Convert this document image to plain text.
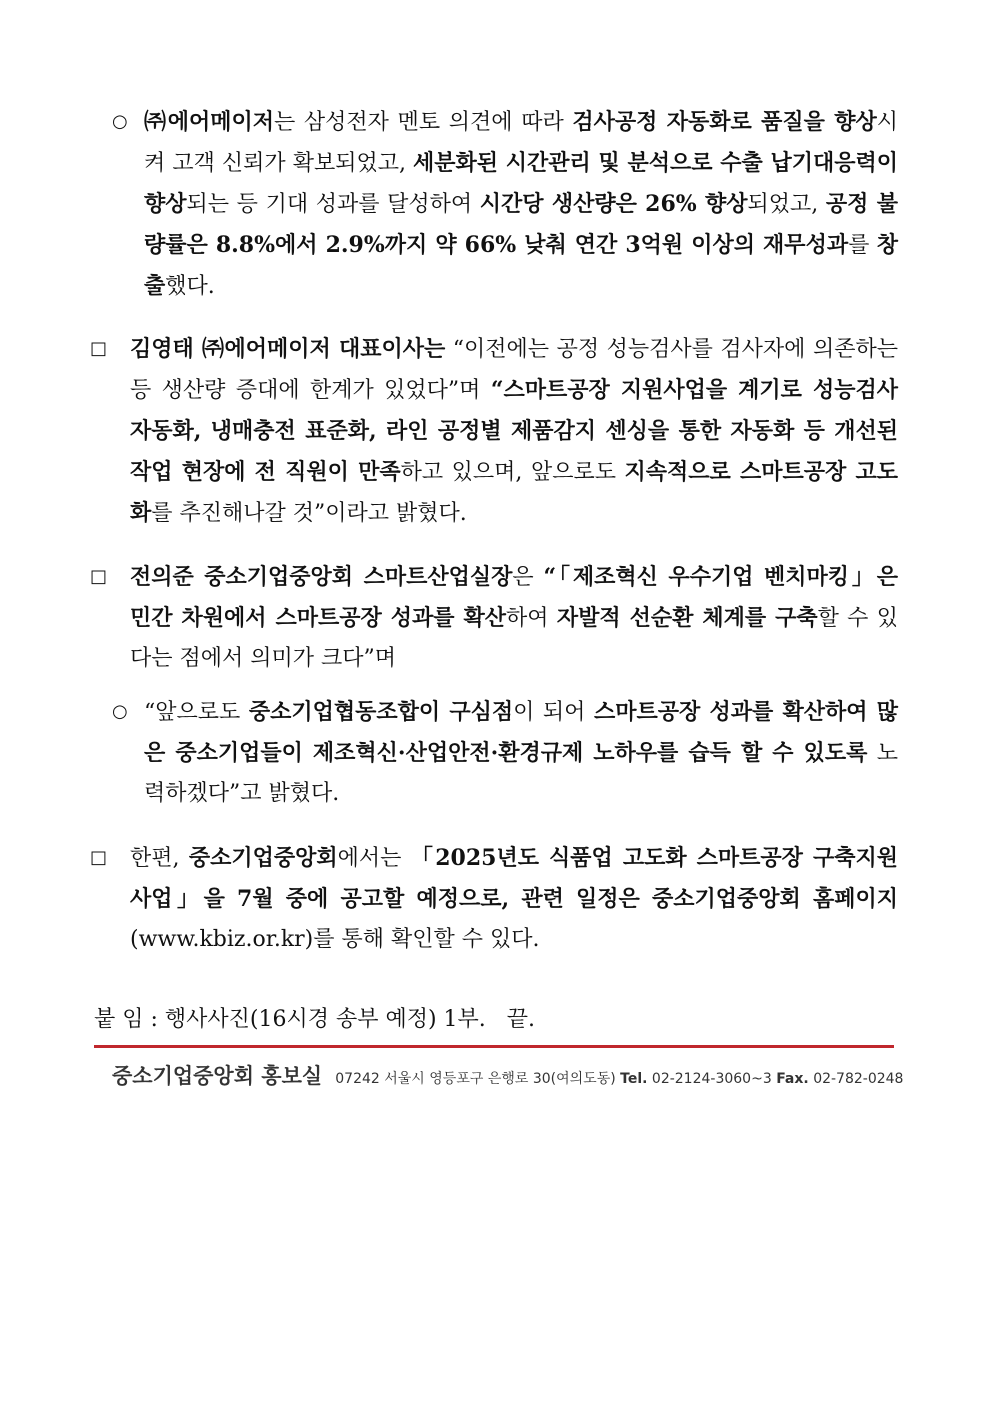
○ ㈜에어메이저는 삼성전자 멘토 의견에 따라 검사공정 자동화로 품질을 향상시켜 고객 신뢰가 확보되었고, 세분화된 시간관리 및 분석으로 수출 납기대응력이 향상되는 등 기대 성과를 달성하여 시간당 생산량은 26% 향상되었고, 공정 불량률은 8.8%에서 2.9%까지 약 66% 낮춰 연간 3억원 이상의 재무성과를 창출했다.
□	김영태 ㈜에어메이저 대표이사는 “이전에는 공정 성능검사를 검사자에 의존하는 등 생산량 증대에 한계가 있었다”며 “스마트공장 지원사업을 계기로 성능검사 자동화, 냉매충전 표준화, 라인 공정별 제품감지 센싱을 통한 자동화 등 개선된 작업 현장에 전 직원이 만족하고 있으며, 앞으로도 지속적으로 스마트공장 고도화를 추진해나갈 것”이라고 밝혔다.
□	전의준 중소기업중앙회 스마트산업실장은 “「제조혁신 우수기업 벤치마킹」은 민간 차원에서 스마트공장 성과를 확산하여 자발적 선순환 체계를 구축할 수 있다는 점에서 의미가 크다”며
○ “앞으로도 중소기업협동조합이 구심점이 되어 스마트공장 성과를 확산하여 많은 중소기업들이 제조혁신·산업안전·환경규제 노하우를 습득 할 수 있도록 노력하겠다”고 밝혔다.
□	한편, 중소기업중앙회에서는 「2025년도 식품업 고도화 스마트공장 구축지원 사업」을 7월 중에 공고할 예정으로, 관련 일정은 중소기업중앙회 홈페이지 (www.kbiz.or.kr)를 통해 확인할 수 있다.
붙 임 : 행사사진(16시경 송부 예정) 1부.   끝.
중소기업중앙회 홍보실 07242 서울시 영등포구 은행로 30(여의도동) Tel. 02-2124-3060~3 Fax. 02-782-0248
